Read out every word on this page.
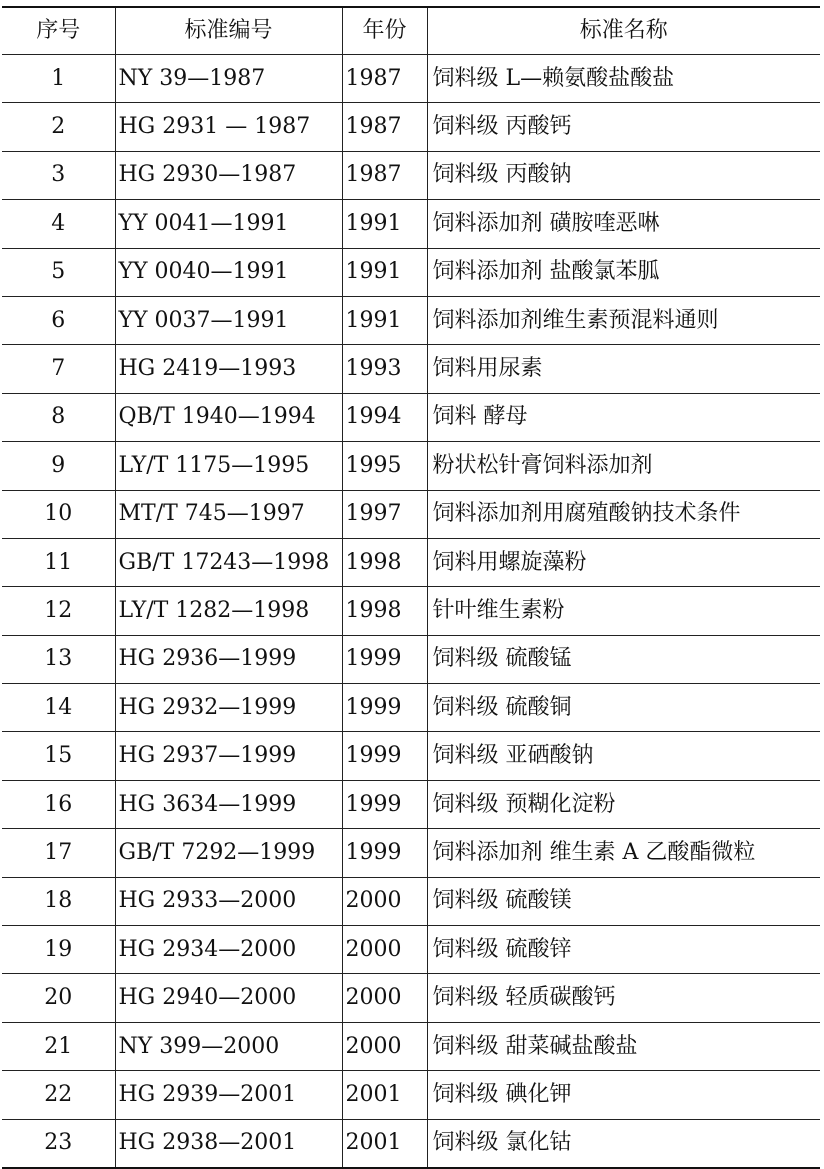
序号	标准编号	年份	标准名称
1	NY 39—1987	1987	饲料级 L—赖氨酸盐酸盐
2	HG 2931 — 1987	1987	饲料级 丙酸钙
3	HG 2930—1987	1987	饲料级 丙酸钠
4	YY 0041—1991	1991	饲料添加剂 磺胺喹恶啉
5	YY 0040—1991	1991	饲料添加剂 盐酸氯苯胍
6	YY 0037—1991	1991	饲料添加剂维生素预混料通则
7	HG 2419—1993	1993	饲料用尿素
8	QB/T 1940—1994	1994	饲料 酵母
9	LY/T 1175—1995	1995	粉状松针膏饲料添加剂
10	MT/T 745—1997	1997	饲料添加剂用腐殖酸钠技术条件
11	GB/T 17243—1998	1998	饲料用螺旋藻粉
12	LY/T 1282—1998	1998	针叶维生素粉
13	HG 2936—1999	1999	饲料级 硫酸锰
14	HG 2932—1999	1999	饲料级 硫酸铜
15	HG 2937—1999	1999	饲料级 亚硒酸钠
16	HG 3634—1999	1999	饲料级 预糊化淀粉
17	GB/T 7292—1999	1999	饲料添加剂 维生素 A 乙酸酯微粒
18	HG 2933—2000	2000	饲料级 硫酸镁
19	HG 2934—2000	2000	饲料级 硫酸锌
20	HG 2940—2000	2000	饲料级 轻质碳酸钙
21	NY 399—2000	2000	饲料级 甜菜碱盐酸盐
22	HG 2939—2001	2001	饲料级 碘化钾
23	HG 2938—2001	2001	饲料级 氯化钴
